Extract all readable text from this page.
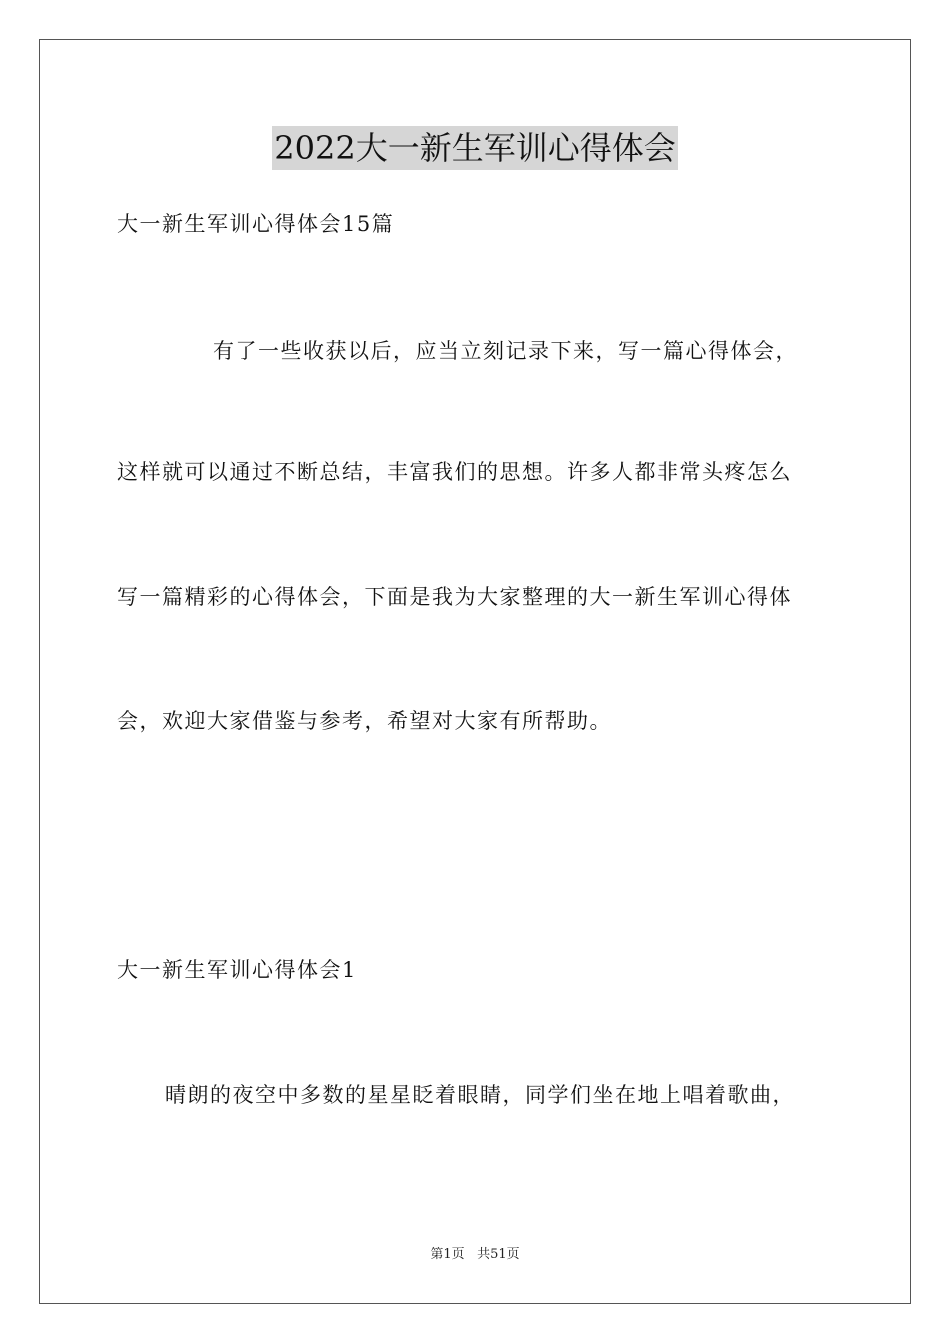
2022大一新生军训心得体会
大一新生军训心得体会15篇
有了一些收获以后，应当立刻记录下来，写一篇心得体会，
这样就可以通过不断总结，丰富我们的思想。许多人都非常头疼怎么
写一篇精彩的心得体会，下面是我为大家整理的大一新生军训心得体
会，欢迎大家借鉴与参考，希望对大家有所帮助。
大一新生军训心得体会1
晴朗的夜空中多数的星星眨着眼睛，同学们坐在地上唱着歌曲，
第1页 共51页
